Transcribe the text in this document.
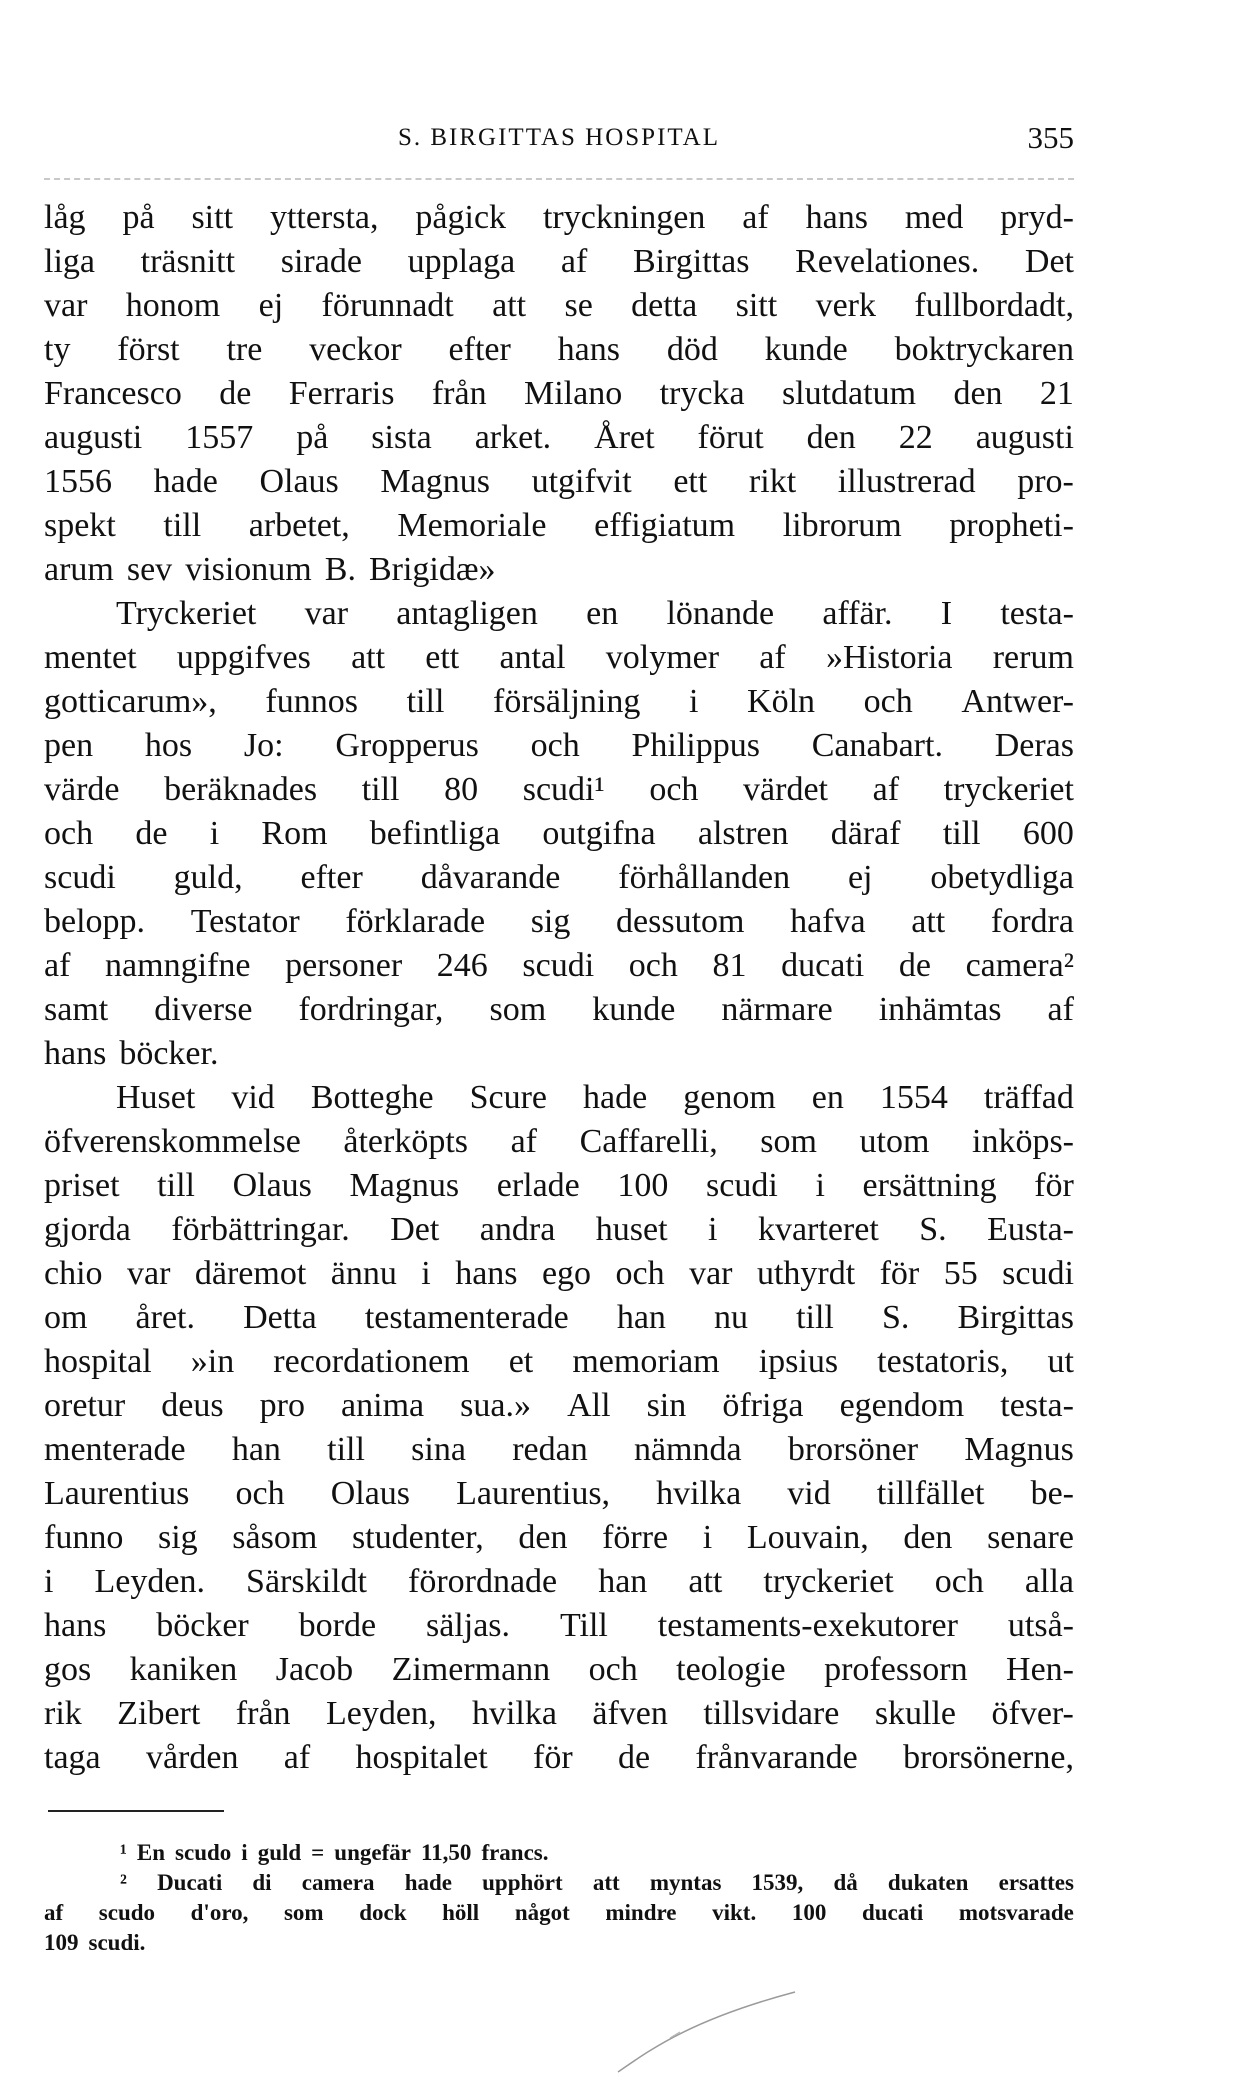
S. BIRGITTAS HOSPITAL	355
låg på sitt yttersta, pågick tryckningen af hans med pryd-
liga träsnitt sirade upplaga af Birgittas Revelationes. Det
var honom ej förunnadt att se detta sitt verk fullbordadt,
ty först tre veckor efter hans död kunde boktryckaren
Francesco de Ferraris från Milano trycka slutdatum den 21
augusti 1557 på sista arket. Året förut den 22 augusti
1556 hade Olaus Magnus utgifvit ett rikt illustrerad pro-
spekt till arbetet, Memoriale effigiatum librorum propheti-
arum sev visionum B. Brigidæ»
Tryckeriet var antagligen en lönande affär. I testa-
mentet uppgifves att ett antal volymer af »Historia rerum
gotticarum», funnos till försäljning i Köln och Antwer-
pen hos Jo: Gropperus och Philippus Canabart. Deras
värde beräknades till 80 scudi¹ och värdet af tryckeriet
och de i Rom befintliga outgifna alstren däraf till 600
scudi guld, efter dåvarande förhållanden ej obetydliga
belopp. Testator förklarade sig dessutom hafva att fordra
af namngifne personer 246 scudi och 81 ducati de camera²
samt diverse fordringar, som kunde närmare inhämtas af
hans böcker.
Huset vid Botteghe Scure hade genom en 1554 träffad
öfverenskommelse återköpts af Caffarelli, som utom inköps-
priset till Olaus Magnus erlade 100 scudi i ersättning för
gjorda förbättringar. Det andra huset i kvarteret S. Eusta-
chio var däremot ännu i hans ego och var uthyrdt för 55 scudi
om året. Detta testamenterade han nu till S. Birgittas
hospital »in recordationem et memoriam ipsius testatoris, ut
oretur deus pro anima sua.» All sin öfriga egendom testa-
menterade han till sina redan nämnda brorsöner Magnus
Laurentius och Olaus Laurentius, hvilka vid tillfället be-
funno sig såsom studenter, den förre i Louvain, den senare
i Leyden. Särskildt förordnade han att tryckeriet och alla
hans böcker borde säljas. Till testaments-exekutorer utså-
gos kaniken Jacob Zimermann och teologie professorn Hen-
rik Zibert från Leyden, hvilka äfven tillsvidare skulle öfver-
taga vården af hospitalet för de frånvarande brorsönerne,
¹ En scudo i guld = ungefär 11,50 francs.
² Ducati di camera hade upphört att myntas 1539, då dukaten ersattes
af scudo d'oro, som dock höll något mindre vikt. 100 ducati motsvarade
109 scudi.
